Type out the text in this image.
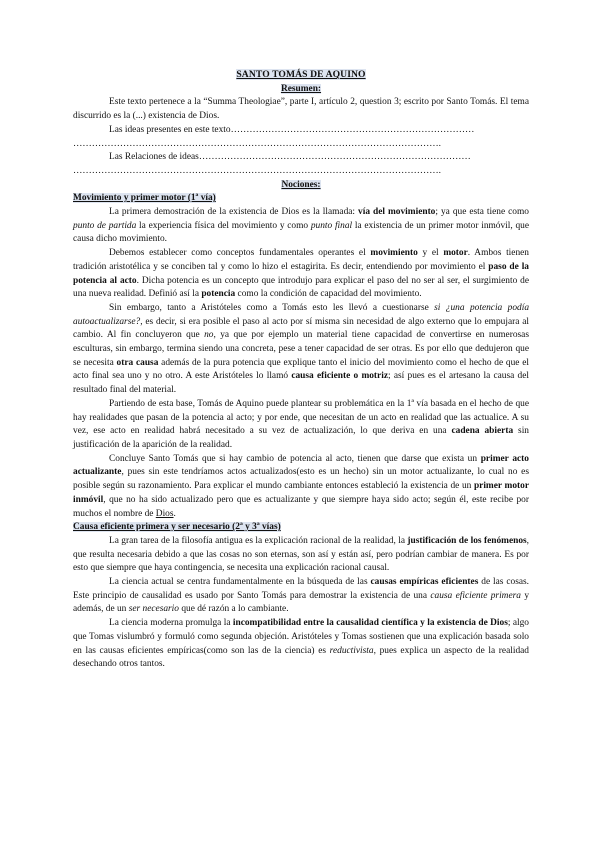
SANTO TOMÁS DE AQUINO

Resumen:

Este texto pertenece a la “Summa Theologiae”, parte I, artículo 2, question 3; escrito por Santo Tomás. El tema discurrido es la (...) existencia de Dios.

Las ideas presentes en este texto……………………………………………………………………

……………………………………………………………………………………………………….

Las Relaciones de ideas……………………………………………………………………………

……………………………………………………………………………………………………….

Nociones:

Movimiento y primer motor (1ª vía)

La primera demostración de la existencia de Dios es la llamada: vía del movimiento; ya que esta tiene como punto de partida la experiencia física del movimiento y como punto final la existencia de un primer motor inmóvil, que causa dicho movimiento.

Debemos establecer como conceptos fundamentales operantes el movimiento y el motor. Ambos tienen tradición aristotélica y se conciben tal y como lo hizo el estagirita. Es decir, entendiendo por movimiento el paso de la potencia al acto. Dicha potencia es un concepto que introdujo para explicar el paso del no ser al ser, el surgimiento de una nueva realidad. Definió así la potencia como la condición de capacidad del movimiento.

Sin embargo, tanto a Aristóteles como a Tomás esto les llevó a cuestionarse si ¿una potencia podía autoactualizarse?, es decir, si era posible el paso al acto por sí misma sin necesidad de algo externo que lo empujara al cambio. Al fin concluyeron que no, ya que por ejemplo un material tiene capacidad de convertirse en numerosas esculturas, sin embargo, termina siendo una concreta, pese a tener capacidad de ser otras. Es por ello que dedujeron que se necesita otra causa además de la pura potencia que explique tanto el inicio del movimiento como el hecho de que el acto final sea uno y no otro. A este Aristóteles lo llamó causa eficiente o motriz; así pues es el artesano la causa del resultado final del material.

Partiendo de esta base, Tomás de Aquino puede plantear su problemática en la 1ª vía basada en el hecho de que hay realidades que pasan de la potencia al acto; y por ende, que necesitan de un acto en realidad que las actualice. A su vez, ese acto en realidad habrá necesitado a su vez de actualización, lo que deriva en una cadena abierta sin justificación de la aparición de la realidad.

Concluye Santo Tomás que si hay cambio de potencia al acto, tienen que darse que exista un primer acto actualizante, pues sin este tendríamos actos actualizados(esto es un hecho) sin un motor actualizante, lo cual no es posible según su razonamiento. Para explicar el mundo cambiante entonces estableció la existencia de un primer motor inmóvil, que no ha sido actualizado pero que es actualizante y que siempre haya sido acto; según él, este recibe por muchos el nombre de Dios.

Causa eficiente primera y ser necesario (2ª y 3ª vías)

La gran tarea de la filosofía antigua es la explicación racional de la realidad, la justificación de los fenómenos, que resulta necesaria debido a que las cosas no son eternas, son así y están así, pero podrían cambiar de manera. Es por esto que siempre que haya contingencia, se necesita una explicación racional causal.

La ciencia actual se centra fundamentalmente en la búsqueda de las causas empíricas eficientes de las cosas. Este principio de causalidad es usado por Santo Tomás para demostrar la existencia de una causa eficiente primera y además, de un ser necesario que dé razón a lo cambiante.

La ciencia moderna promulga la incompatibilidad entre la causalidad científica y la existencia de Dios; algo que Tomas vislumbró y formuló como segunda objeción. Aristóteles y Tomas sostienen que una explicación basada solo en las causas eficientes empíricas(como son las de la ciencia) es reductivista, pues explica un aspecto de la realidad desechando otros tantos.
